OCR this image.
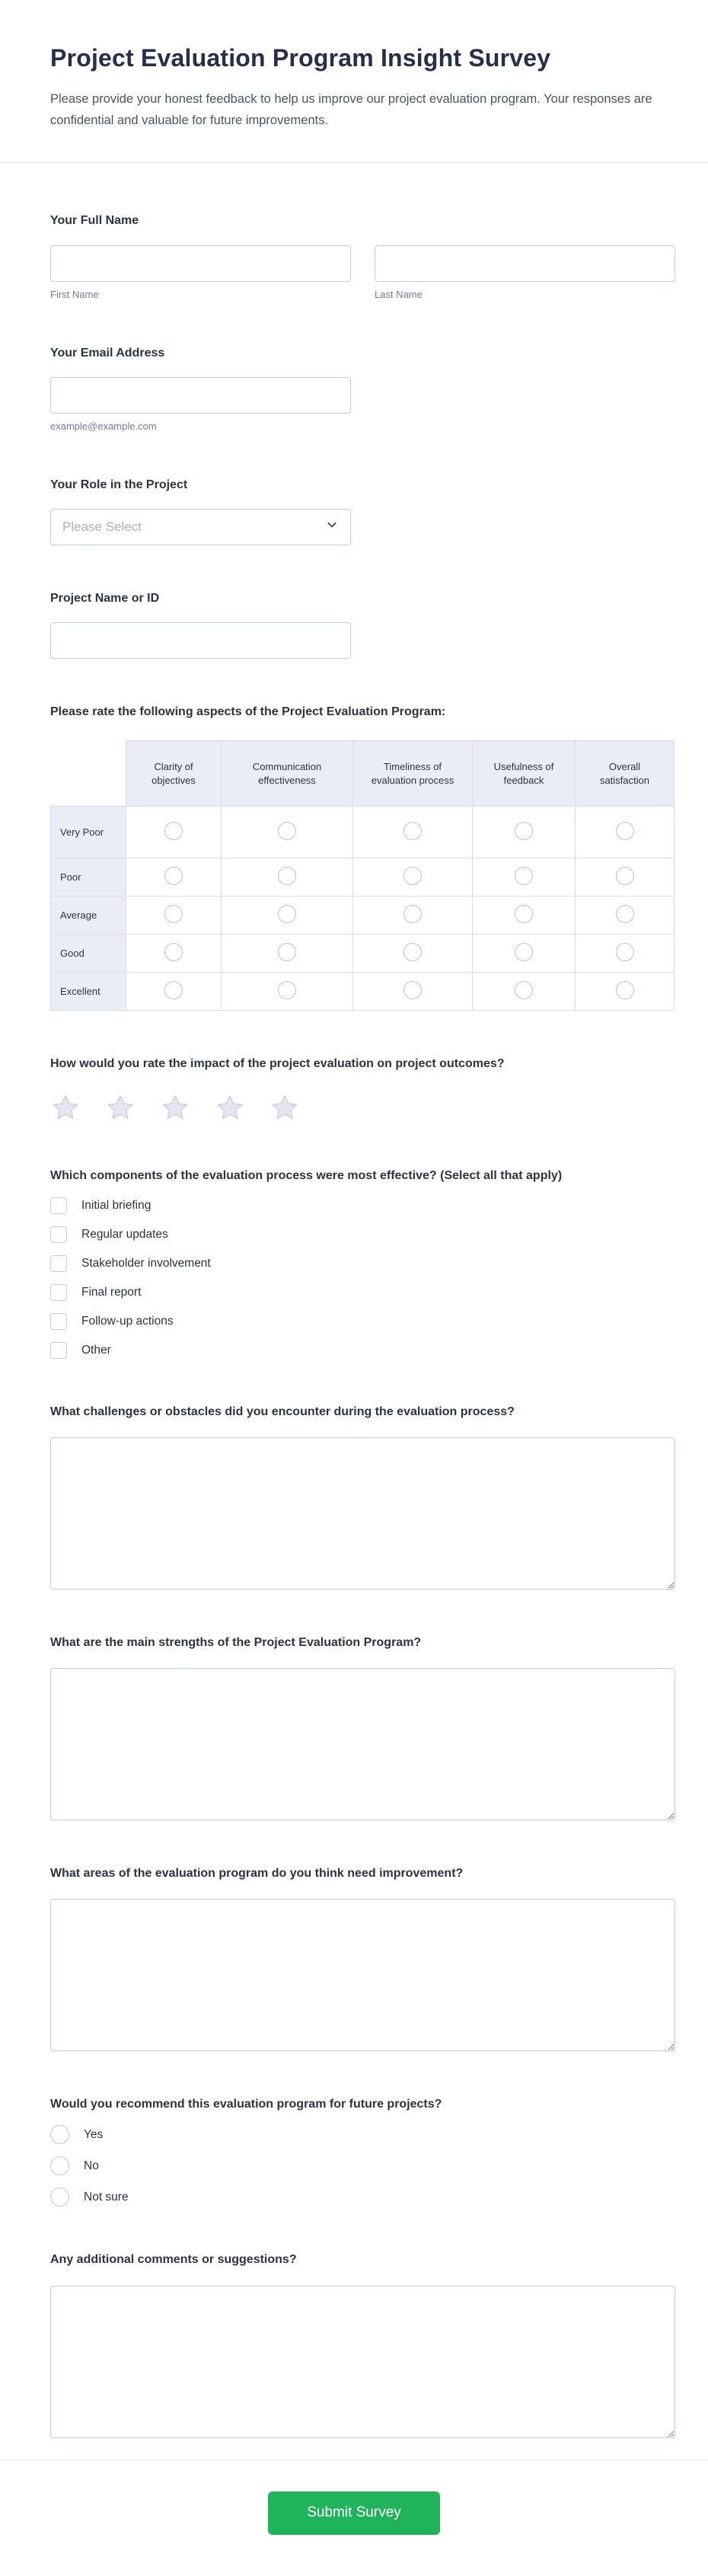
Project Evaluation Program Insight Survey

Please provide your honest feedback to help us improve our project evaluation program. Your responses are confidential and valuable for future improvements.

Your Full Name
First Name	Last Name
Your Email Address
example@example.com
Your Role in the Project
Please Select
Project Name or ID
Please rate the following aspects of the Project Evaluation Program:
	Clarity of objectives	Communication effectiveness	Timeliness of evaluation process	Usefulness of feedback	Overall satisfaction
Very Poor					
Poor					
Average					
Good					
Excellent					
How would you rate the impact of the project evaluation on project outcomes?
Which components of the evaluation process were most effective? (Select all that apply)
Initial briefing
Regular updates
Stakeholder involvement
Final report
Follow-up actions
Other
What challenges or obstacles did you encounter during the evaluation process?
What are the main strengths of the Project Evaluation Program?
What areas of the evaluation program do you think need improvement?
Would you recommend this evaluation program for future projects?
Yes
No
Not sure
Any additional comments or suggestions?
Submit Survey
